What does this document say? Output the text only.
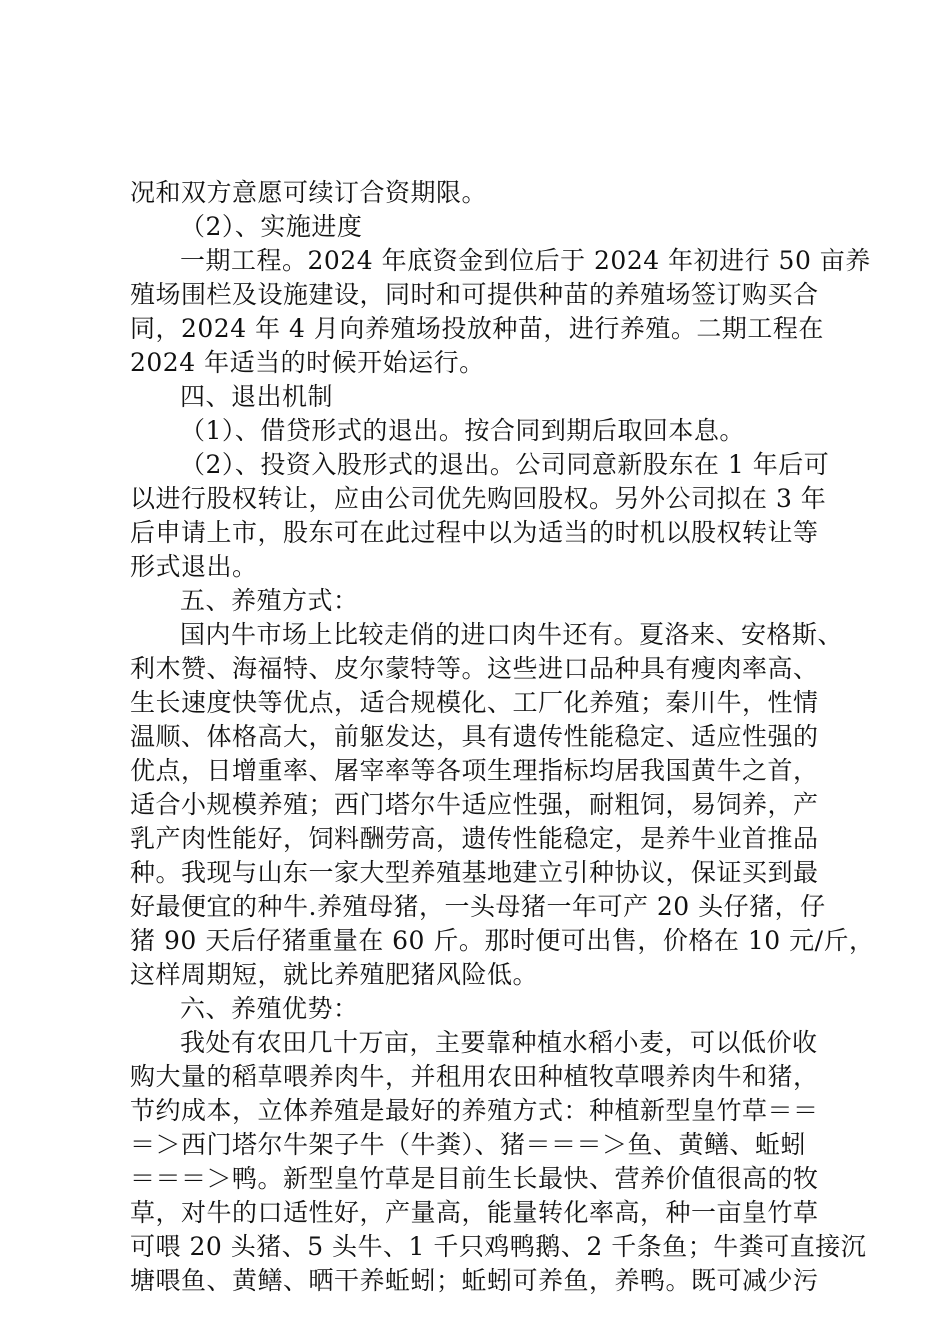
况和双方意愿可续订合资期限。
（2）、实施进度
一期工程。2024 年底资金到位后于 2024 年初进行 50 亩养
殖场围栏及设施建设，同时和可提供种苗的养殖场签订购买合
同，2024 年 4 月向养殖场投放种苗，进行养殖。二期工程在
2024 年适当的时候开始运行。
四、退出机制
（1）、借贷形式的退出。按合同到期后取回本息。
（2）、投资入股形式的退出。公司同意新股东在 1 年后可
以进行股权转让，应由公司优先购回股权。另外公司拟在 3 年
后申请上市，股东可在此过程中以为适当的时机以股权转让等
形式退出。
五、养殖方式：
国内牛市场上比较走俏的进口肉牛还有。夏洛来、安格斯、
利木赞、海福特、皮尔蒙特等。这些进口品种具有瘦肉率高、
生长速度快等优点，适合规模化、工厂化养殖；秦川牛，性情
温顺、体格高大，前躯发达，具有遗传性能稳定、适应性强的
优点，日增重率、屠宰率等各项生理指标均居我国黄牛之首，
适合小规模养殖；西门塔尔牛适应性强，耐粗饲，易饲养，产
乳产肉性能好，饲料酬劳高，遗传性能稳定，是养牛业首推品
种。我现与山东一家大型养殖基地建立引种协议，保证买到最
好最便宜的种牛.养殖母猪，一头母猪一年可产 20 头仔猪，仔
猪 90 天后仔猪重量在 60 斤。那时便可出售，价格在 10 元/斤，
这样周期短，就比养殖肥猪风险低。
六、养殖优势：
我处有农田几十万亩，主要靠种植水稻小麦，可以低价收
购大量的稻草喂养肉牛，并租用农田种植牧草喂养肉牛和猪，
节约成本，立体养殖是最好的养殖方式：种植新型皇竹草＝＝
＝＞西门塔尔牛架子牛（牛粪）、猪＝＝＝＞鱼、黄鳝、蚯蚓
＝＝＝＞鸭。新型皇竹草是目前生长最快、营养价值很高的牧
草，对牛的口适性好，产量高，能量转化率高，种一亩皇竹草
可喂 20 头猪、5 头牛、1 千只鸡鸭鹅、2 千条鱼；牛粪可直接沉
塘喂鱼、黄鳝、晒干养蚯蚓；蚯蚓可养鱼，养鸭。既可减少污
